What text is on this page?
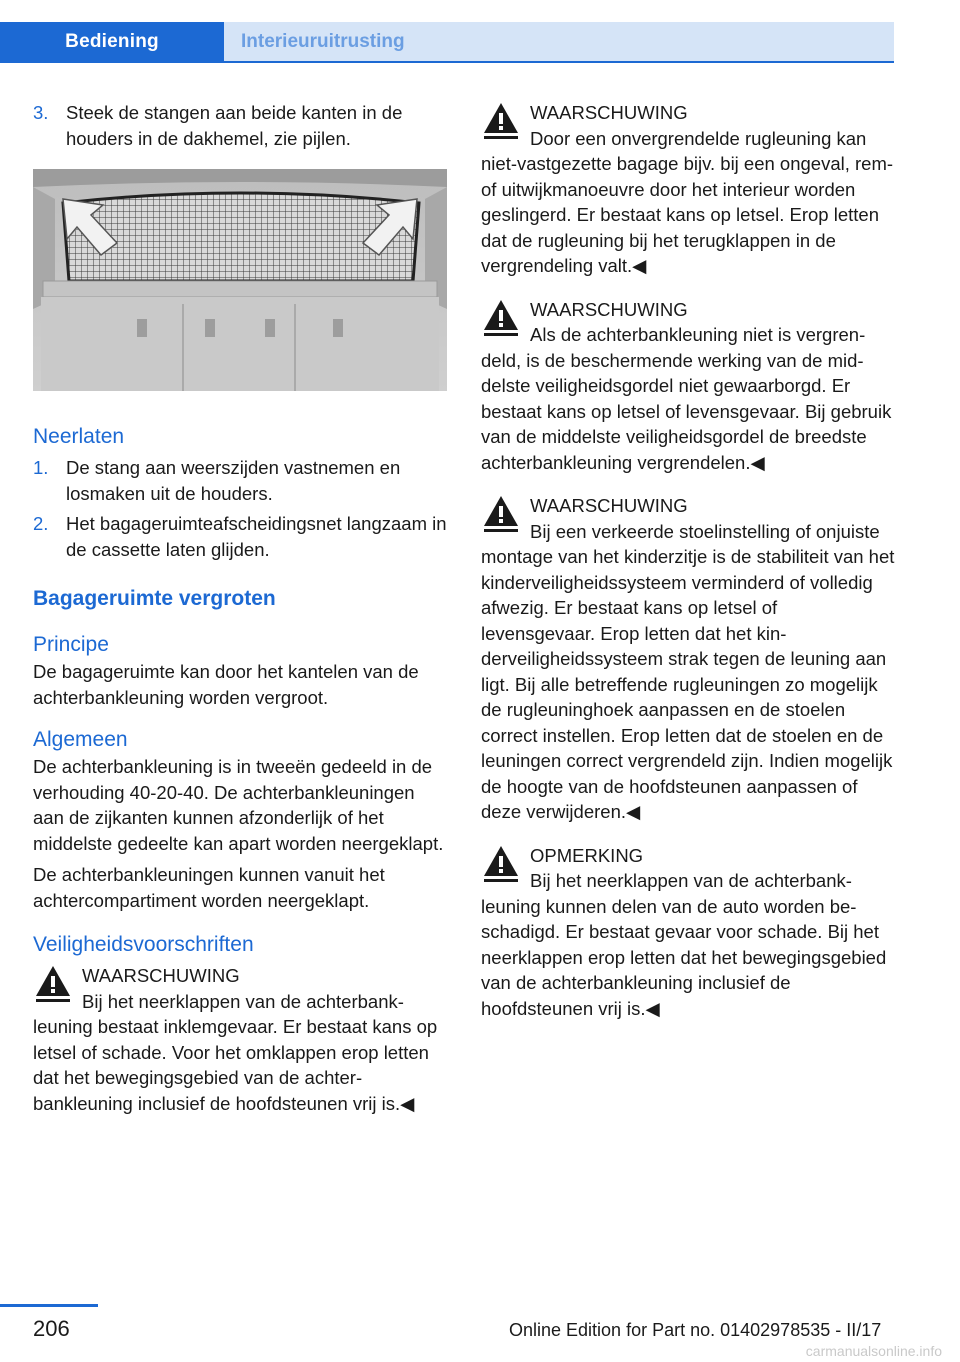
Bediening	Interieuruitrusting
3. Steek de stangen aan beide kanten in de houders in de dakhemel, zie pijlen.
Neerlaten
1. De stang aan weerszijden vastnemen en losmaken uit de houders.
2. Het bagageruimteafscheidingsnet langzaam in de cassette laten glijden.
Bagageruimte vergroten
Principe

De bagageruimte kan door het kantelen van de achterbankleuning worden vergroot.

Algemeen

De achterbankleuning is in tweeën gedeeld in de verhouding 40-20-40. De achterbankleuningen aan de zijkanten kunnen afzonderlijk of het middelste gedeelte kan apart worden neergeklapt.

De achterbankleuningen kunnen vanuit het achtercompartiment worden neergeklapt.

Veiligheidsvoorschriften
WAARSCHUWING

Bij het neerklappen van de achterbankleuning bestaat inklemgevaar. Er bestaat kans op letsel of schade. Voor het omklappen erop letten dat het bewegingsgebied van de achterbankleuning inclusief de hoofdsteunen vrij is.◀

WAARSCHUWING

Door een onvergrendelde rugleuning kan niet-vastgezette bagage bijv. bij een ongeval, rem- of uitwijkmanoeuvre door het interieur worden geslingerd. Er bestaat kans op letsel. Erop letten dat de rugleuning bij het terugklappen in de vergrendeling valt.◀

WAARSCHUWING

Als de achterbankleuning niet is vergrendeld, is de beschermende werking van de middelste veiligheidsgordel niet gewaarborgd. Er bestaat kans op letsel of levensgevaar. Bij gebruik van de middelste veiligheidsgordel de breedste achterbankleuning vergrendelen.◀

WAARSCHUWING

Bij een verkeerde stoelinstelling of onjuiste montage van het kinderzitje is de stabiliteit van het kinderveiligheidssysteem verminderd of volledig afwezig. Er bestaat kans op letsel of levensgevaar. Erop letten dat het kinderveiligheidssysteem strak tegen de leuning aan ligt. Bij alle betreffende rugleuningen zo mogelijk de rugleuninghoek aanpassen en de stoelen correct instellen. Erop letten dat de stoelen en de leuningen correct vergrendeld zijn. Indien mogelijk de hoogte van de hoofdsteunen aanpassen of deze verwijderen.◀

OPMERKING

Bij het neerklappen van de achterbankleuning kunnen delen van de auto worden beschadigd. Er bestaat gevaar voor schade. Bij het neerklappen erop letten dat het bewegingsgebied van de achterbankleuning inclusief de hoofdsteunen vrij is.◀

206	Online Edition for Part no. 01402978535 - II/17
carmanualsonline.info
